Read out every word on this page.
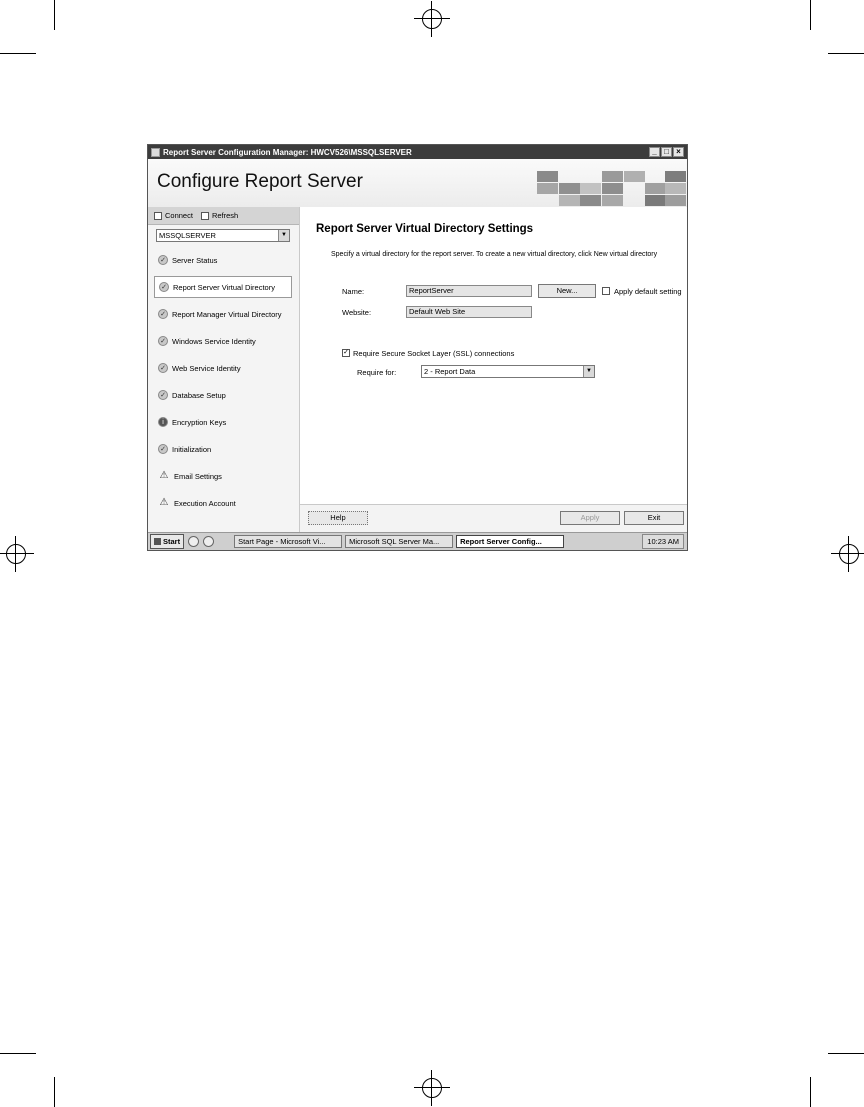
Report Server Configuration Manager: HWCV526\MSSQLSERVER	_ □ ×
Configure Report Server
Connect	Refresh
MSSQLSERVER	▼
✓ Server Status
✓ Report Server Virtual Directory
✓ Report Manager Virtual Directory
✓ Windows Service Identity
✓ Web Service Identity
✓ Database Setup
i	Encryption Keys
✓ Initialization
⚠ Email Settings
⚠ Execution Account
Report Server Virtual Directory Settings
Specify a virtual directory for the report server. To create a new virtual directory, click New virtual directory
Name:	ReportServer	New...	Apply default setting
Website:	Default Web Site
✓ Require Secure Socket Layer (SSL) connections
Require for:	2 - Report Data	▼
Help	Apply	Exit
Start	Start Page - Microsoft Vi...	Microsoft SQL Server Ma...	Report Server Config...	10:23 AM
